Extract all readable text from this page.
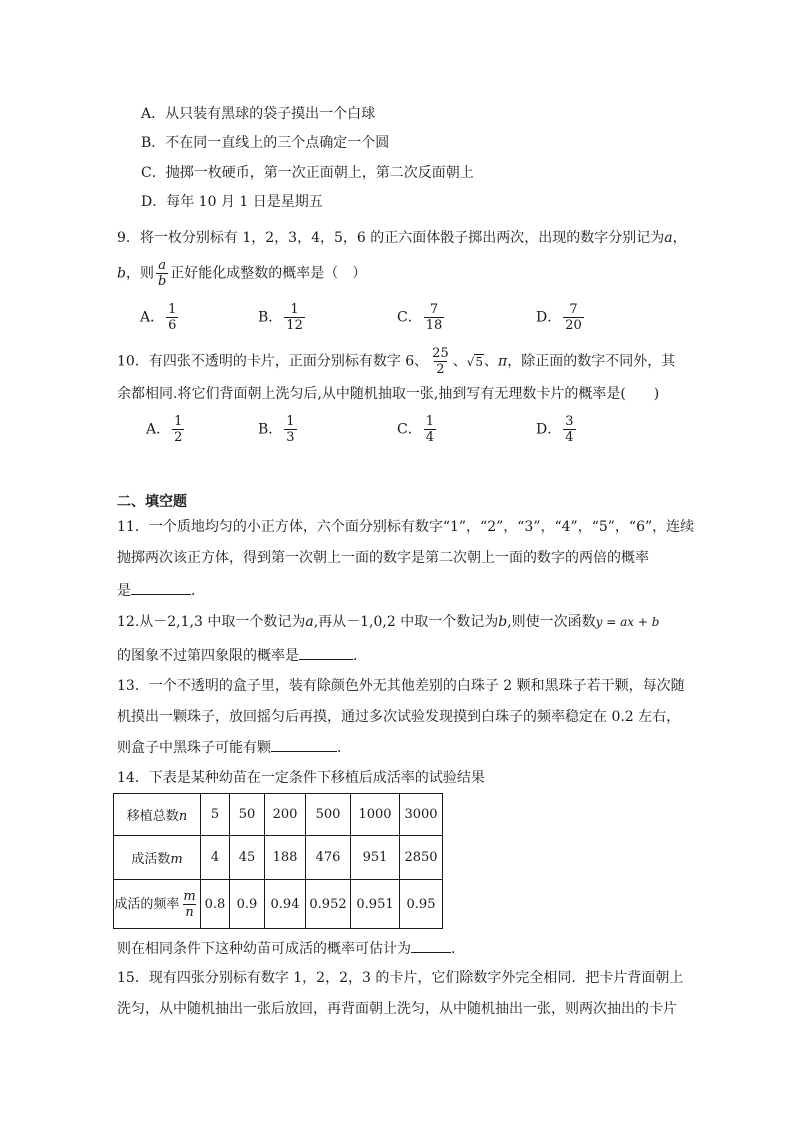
A．从只装有黑球的袋子摸出一个白球
B．不在同一直线上的三个点确定一个圆
C．抛掷一枚硬币，第一次正面朝上，第二次反面朝上
D．每年 10 月 1 日是星期五
9．将一枚分别标有 1，2，3，4，5，6 的正六面体骰子掷出两次，出现的数字分别记为a，
b，则 $\frac{a}{b}$ 正好能化成整数的概率是（　）
A． $\frac{1}{6}$	B． $\frac{1}{12}$	C． $\frac{7}{18}$	D． $\frac{7}{20}$
10．有四张不透明的卡片，正面分别标有数字 6、 $\frac{25}{2}$ 、√5、π，除正面的数字不同外，其
余都相同.将它们背面朝上洗匀后,从中随机抽取一张,抽到写有无理数卡片的概率是(　　)
A． $\frac{1}{2}$	B． $\frac{1}{3}$	C． $\frac{1}{4}$	D． $\frac{3}{4}$
二、填空题
11．一个质地均匀的小正方体，六个面分别标有数字“1”，“2”，“3”，“4”，“5”，“6”，连续
抛掷两次该正方体，得到第一次朝上一面的数字是第二次朝上一面的数字的两倍的概率
是	．
12.从－2,1,3 中取一个数记为a,再从－1,0,2 中取一个数记为b,则使一次函数y = ax + b
的图象不过第四象限的概率是	．
13．一个不透明的盒子里，装有除颜色外无其他差别的白珠子 2 颗和黑珠子若干颗，每次随
机摸出一颗珠子，放回摇匀后再摸，通过多次试验发现摸到白珠子的频率稳定在 0.2 左右，
则盒子中黑珠子可能有颗	．
14．下表是某种幼苗在一定条件下移植后成活率的试验结果
移植总数n	5	50	200	500	1000	3000
成活数m	4	45	188	476	951	2850
成活的频率 $\frac{m}{n}$	0.8	0.9	0.94	0.952	0.951	0.95
则在相同条件下这种幼苗可成活的概率可估计为	.
15．现有四张分别标有数字 1，2，2，3 的卡片，它们除数字外完全相同．把卡片背面朝上
洗匀，从中随机抽出一张后放回，再背面朝上洗匀，从中随机抽出一张，则两次抽出的卡片
